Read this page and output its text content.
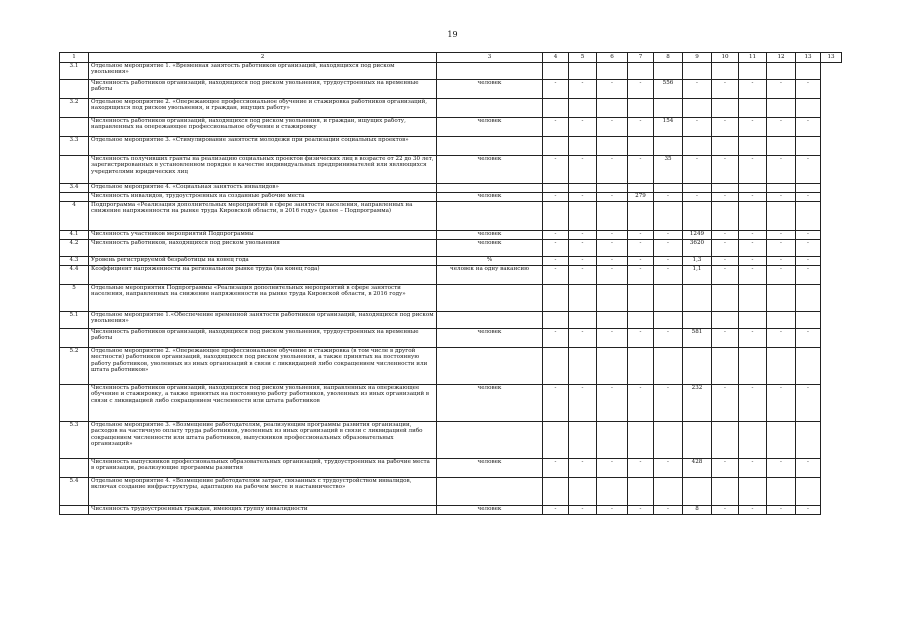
19
1	2	3	4	5	6	7	8	9	10	11	12	13	13
3.1	Отдельное мероприятие 1. «Временная занятость работников организаций, находящихся под риском увольнения»												
	Численность работников организаций, находящихся под риском увольнения, трудоустроенных на временные работы	человек	-	-	-	-	556	-	-	-	-	-	
3.2	Отдельное мероприятие 2. «Опережающее профессиональное обучение и стажировка работников организаций, находящихся под риском увольнения, и граждан, ищущих работу»												
	Численность работников организаций, находящихся под риском увольнения, и граждан, ищущих работу, направленных на опережающее профессиональное обучение и стажировку	человек	-	-	-	-	154	-	-	-	-	-	
3.3	Отдельное мероприятие 3. «Стимулирование занятости молодежи при реализации социальных проектов»												
	Численность получивших гранты на реализацию социальных проектов физических лиц в возрасте от 22 до 30 лет, зарегистрированных в установленном порядке в качестве индивидуальных предпринимателей или являющихся учредителями юридических лиц	человек	-	-	-	-	35	-	-	-	-	-	
3.4	Отдельное мероприятие 4. «Социальная занятость инвалидов»												
	Численность инвалидов, трудоустроенных на созданные рабочие места	человек	-	-	-	279	-	-	-	-	-	-	
4	Подпрограмма «Реализация дополнительных мероприятий в сфере занятости населения, направленных на снижение напряженности на рынке труда Кировской области, в 2016 году» (далее – Подпрограмма)												
4.1	Численность участников мероприятий Подпрограммы	человек	-	-	-	-	-	1249	-	-	-	-	
4.2	Численность работников, находящихся под риском увольнения	человек	-	-	-	-	-	3620	-	-	-	-	
4.3	Уровень регистрируемой безработицы на конец года	%	-	-	-	-	-	1,3	-	-	-	-	
4.4	Коэффициент напряженности на региональном рынке труда (на конец года)	человек на одну вакансию	-	-	-	-	-	1,1	-	-	-	-	
5	Отдельные мероприятия Подпрограммы «Реализация дополнительных мероприятий в сфере занятости населения, направленных на снижение напряженности на рынке труда Кировской области, в 2016 году»												
5.1	Отдельное мероприятие 1.«Обеспечение временной занятости работников организаций, находящихся под риском увольнения»												
	Численность работников организаций, находящихся под риском увольнения, трудоустроенных на временные работы	человек	-	-	-	-	-	581	-	-	-	-	
5.2	Отдельное мероприятие 2. «Опережающее профессиональное обучение и стажировка (в том числе в другой местности) работников организаций, находящихся под риском увольнения, а также принятых на постоянную работу работников, уволенных из иных организаций в связи с ликвидацией либо сокращением численности или штата работников»												
	Численность работников организаций, находящихся под риском увольнения, направленных на опережающее обучение и стажировку, а также принятых на постоянную работу работников, уволенных из иных организаций в связи с ликвидацией либо сокращением численности или штата работников	человек	-	-	-	-	-	232	-	-	-	-	
5.3	Отдельное мероприятие 3. «Возмещение работодателям, реализующим программы развития организации, расходов на частичную оплату труда работников, уволенных из иных организаций в связи с ликвидацией либо сокращением численности или штата работников, выпускников профессиональных образовательных организаций»												
	Численность выпускников профессиональных образовательных организаций, трудоустроенных на рабочие места в организации, реализующие программы развития	человек	-	-	-	-	-	428	-	-	-	-	
5.4	Отдельное мероприятие 4. «Возмещение работодателям затрат, связанных с трудоустройством инвалидов, включая создание инфраструктуры, адаптацию на рабочем месте и наставничество»												
	Численность трудоустроенных граждан, имеющих группу инвалидности	человек	-	-	-	-	-	8	-	-	-	-	
